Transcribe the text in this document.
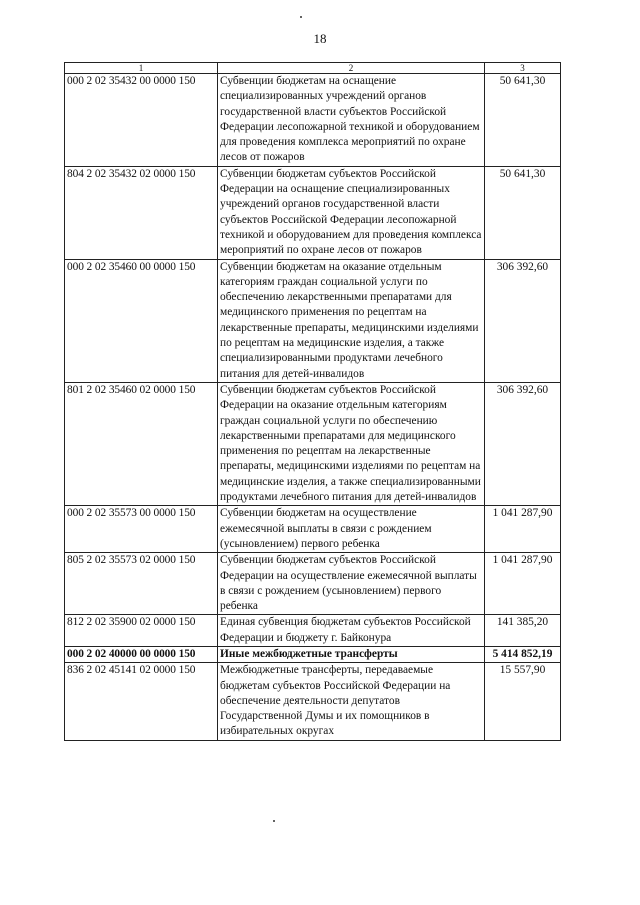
18
1	2	3
000 2 02 35432 00 0000 150	Субвенции бюджетам на оснащение специализированных учреждений органов государственной власти субъектов Российской Федерации лесопожарной техникой и оборудованием для проведения комплекса мероприятий по охране лесов от пожаров	50 641,30
804 2 02 35432 02 0000 150	Субвенции бюджетам субъектов Российской Федерации на оснащение специализированных учреждений органов государственной власти субъектов Российской Федерации лесопожарной техникой и оборудованием для проведения комплекса мероприятий по охране лесов от пожаров	50 641,30
000 2 02 35460 00 0000 150	Субвенции бюджетам на оказание отдельным категориям граждан социальной услуги по обеспечению лекарственными препаратами для медицинского применения по рецептам на лекарственные препараты, медицинскими изделиями по рецептам на медицинские изделия, а также специализированными продуктами лечебного питания для детей-инвалидов	306 392,60
801 2 02 35460 02 0000 150	Субвенции бюджетам субъектов Российской Федерации на оказание отдельным категориям граждан социальной услуги по обеспечению лекарственными препаратами для медицинского применения по рецептам на лекарственные препараты, медицинскими изделиями по рецептам на медицинские изделия, а также специализированными продуктами лечебного питания для детей-инвалидов	306 392,60
000 2 02 35573 00 0000 150	Субвенции бюджетам на осуществление ежемесячной выплаты в связи с рождением (усыновлением) первого ребенка	1 041 287,90
805 2 02 35573 02 0000 150	Субвенции бюджетам субъектов Российской Федерации на осуществление ежемесячной выплаты в связи с рождением (усыновлением) первого ребенка	1 041 287,90
812 2 02 35900 02 0000 150	Единая субвенция бюджетам субъектов Российской Федерации и бюджету г. Байконура	141 385,20
000 2 02 40000 00 0000 150	Иные межбюджетные трансферты	5 414 852,19
836 2 02 45141 02 0000 150	Межбюджетные трансферты, передаваемые бюджетам субъектов Российской Федерации на обеспечение деятельности депутатов Государственной Думы и их помощников в избирательных округах	15 557,90
